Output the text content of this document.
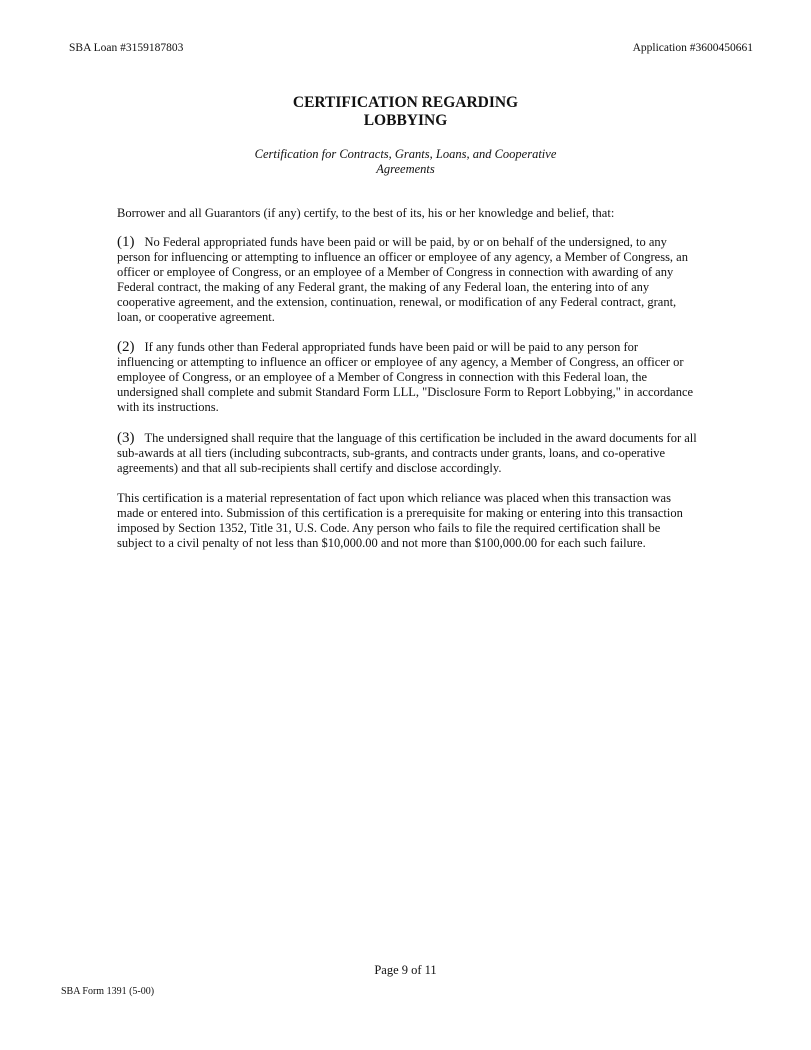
SBA Loan #3159187803	Application #3600450661
CERTIFICATION REGARDING
LOBBYING
Certification for Contracts, Grants, Loans, and Cooperative
Agreements
Borrower and all Guarantors (if any) certify, to the best of its, his or her knowledge and belief, that:
(1) No Federal appropriated funds have been paid or will be paid, by or on behalf of the undersigned, to any person for influencing or attempting to influence an officer or employee of any agency, a Member of Congress, an officer or employee of Congress, or an employee of a Member of Congress in connection with awarding of any Federal contract, the making of any Federal grant, the making of any Federal loan, the entering into of any cooperative agreement, and the extension, continuation, renewal, or modification of any Federal contract, grant, loan, or cooperative agreement.
(2) If any funds other than Federal appropriated funds have been paid or will be paid to any person for influencing or attempting to influence an officer or employee of any agency, a Member of Congress, an officer or employee of Congress, or an employee of a Member of Congress in connection with this Federal loan, the undersigned shall complete and submit Standard Form LLL, "Disclosure Form to Report Lobbying," in accordance with its instructions.
(3) The undersigned shall require that the language of this certification be included in the award documents for all sub-awards at all tiers (including subcontracts, sub-grants, and contracts under grants, loans, and co-operative agreements) and that all sub-recipients shall certify and disclose accordingly.
This certification is a material representation of fact upon which reliance was placed when this transaction was made or entered into. Submission of this certification is a prerequisite for making or entering into this transaction imposed by Section 1352, Title 31, U.S. Code. Any person who fails to file the required certification shall be subject to a civil penalty of not less than $10,000.00 and not more than $100,000.00 for each such failure.
Page 9 of 11
SBA Form 1391 (5-00)
